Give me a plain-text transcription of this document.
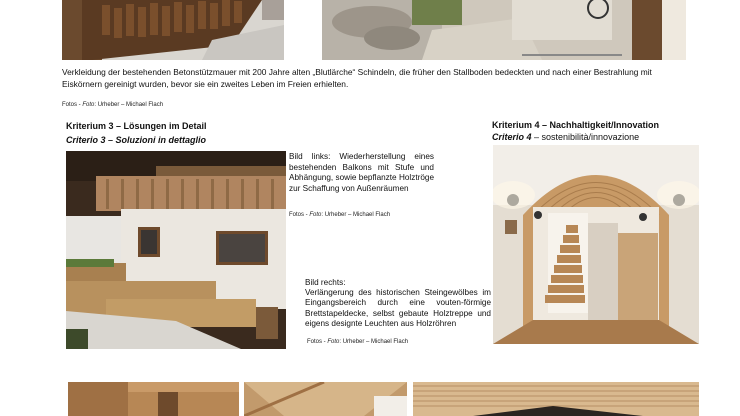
Verkleidung der bestehenden Betonstützmauer mit 200 Jahre alten „Blutlärche“ Schindeln, die früher den Stallboden bedeckten und nach einer Bestrahlung mit Eiskörnern gereinigt wurden, bevor sie ein zweites Leben im Freien erhielten.
Fotos - Foto: Urheber – Michael Flach
Kriterium 3 – Lösungen im Detail
Criterio 3 – Soluzioni in dettaglio
Kriterium 4 – Nachhaltigkeit/Innovation
Criterio 4 – sostenibilità/innovazione
Bild links: Wiederherstellung eines bestehenden Balkons mit Stufe und Abhängung, sowie bepflanzte Holztröge zur Schaffung von Außenräumen
Fotos - Foto: Urheber – Michael Flach
Bild rechts:
Verlängerung des historischen Steingewölbes im Eingangsbereich durch eine vouten-förmige Brettstapeldecke, selbst gebaute Holztreppe und eigens designte Leuchten aus Holzröhren
Fotos - Foto: Urheber – Michael Flach
